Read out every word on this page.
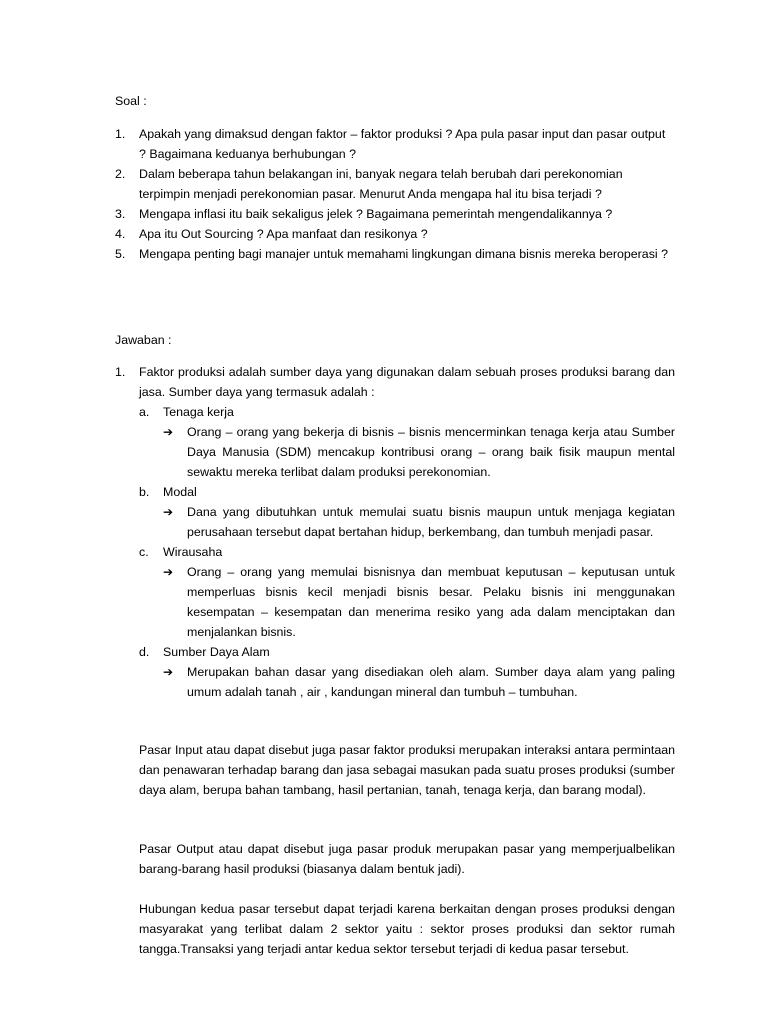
Soal :
1. Apakah yang dimaksud dengan faktor – faktor produksi ? Apa pula pasar input dan pasar output ? Bagaimana keduanya berhubungan ?
2. Dalam beberapa tahun belakangan ini, banyak negara telah berubah dari perekonomian terpimpin menjadi perekonomian pasar. Menurut Anda mengapa hal itu bisa terjadi ?
3. Mengapa inflasi itu baik sekaligus jelek ? Bagaimana pemerintah mengendalikannya ?
4. Apa itu Out Sourcing ? Apa manfaat dan resikonya ?
5. Mengapa penting bagi manajer untuk memahami lingkungan dimana bisnis mereka beroperasi ?
Jawaban :
1. Faktor produksi adalah sumber daya yang digunakan dalam sebuah proses produksi barang dan jasa. Sumber daya yang termasuk adalah :
a. Tenaga kerja
➔ Orang – orang yang bekerja di bisnis – bisnis mencerminkan tenaga kerja atau Sumber Daya Manusia (SDM) mencakup kontribusi orang – orang baik fisik maupun mental sewaktu mereka terlibat dalam produksi perekonomian.
b. Modal
➔ Dana yang dibutuhkan untuk memulai suatu bisnis maupun untuk menjaga kegiatan perusahaan tersebut dapat bertahan hidup, berkembang, dan tumbuh menjadi pasar.
c. Wirausaha
➔ Orang – orang yang memulai bisnisnya dan membuat keputusan – keputusan untuk memperluas bisnis kecil menjadi bisnis besar. Pelaku bisnis ini menggunakan kesempatan – kesempatan dan menerima resiko yang ada dalam menciptakan dan menjalankan bisnis.
d. Sumber Daya Alam
➔ Merupakan bahan dasar yang disediakan oleh alam. Sumber daya alam yang paling umum adalah tanah , air , kandungan mineral dan tumbuh – tumbuhan.

Pasar Input atau dapat disebut juga pasar faktor produksi merupakan interaksi antara permintaan dan penawaran terhadap barang dan jasa sebagai masukan pada suatu proses produksi (sumber daya alam, berupa bahan tambang, hasil pertanian, tanah, tenaga kerja, dan barang modal).

Pasar Output atau dapat disebut juga pasar produk merupakan pasar yang memperjualbelikan barang-barang hasil produksi (biasanya dalam bentuk jadi).

Hubungan kedua pasar tersebut dapat terjadi karena berkaitan dengan proses produksi dengan masyarakat yang terlibat dalam 2 sektor yaitu : sektor proses produksi dan sektor rumah tangga.Transaksi yang terjadi antar kedua sektor tersebut terjadi di kedua pasar tersebut.
